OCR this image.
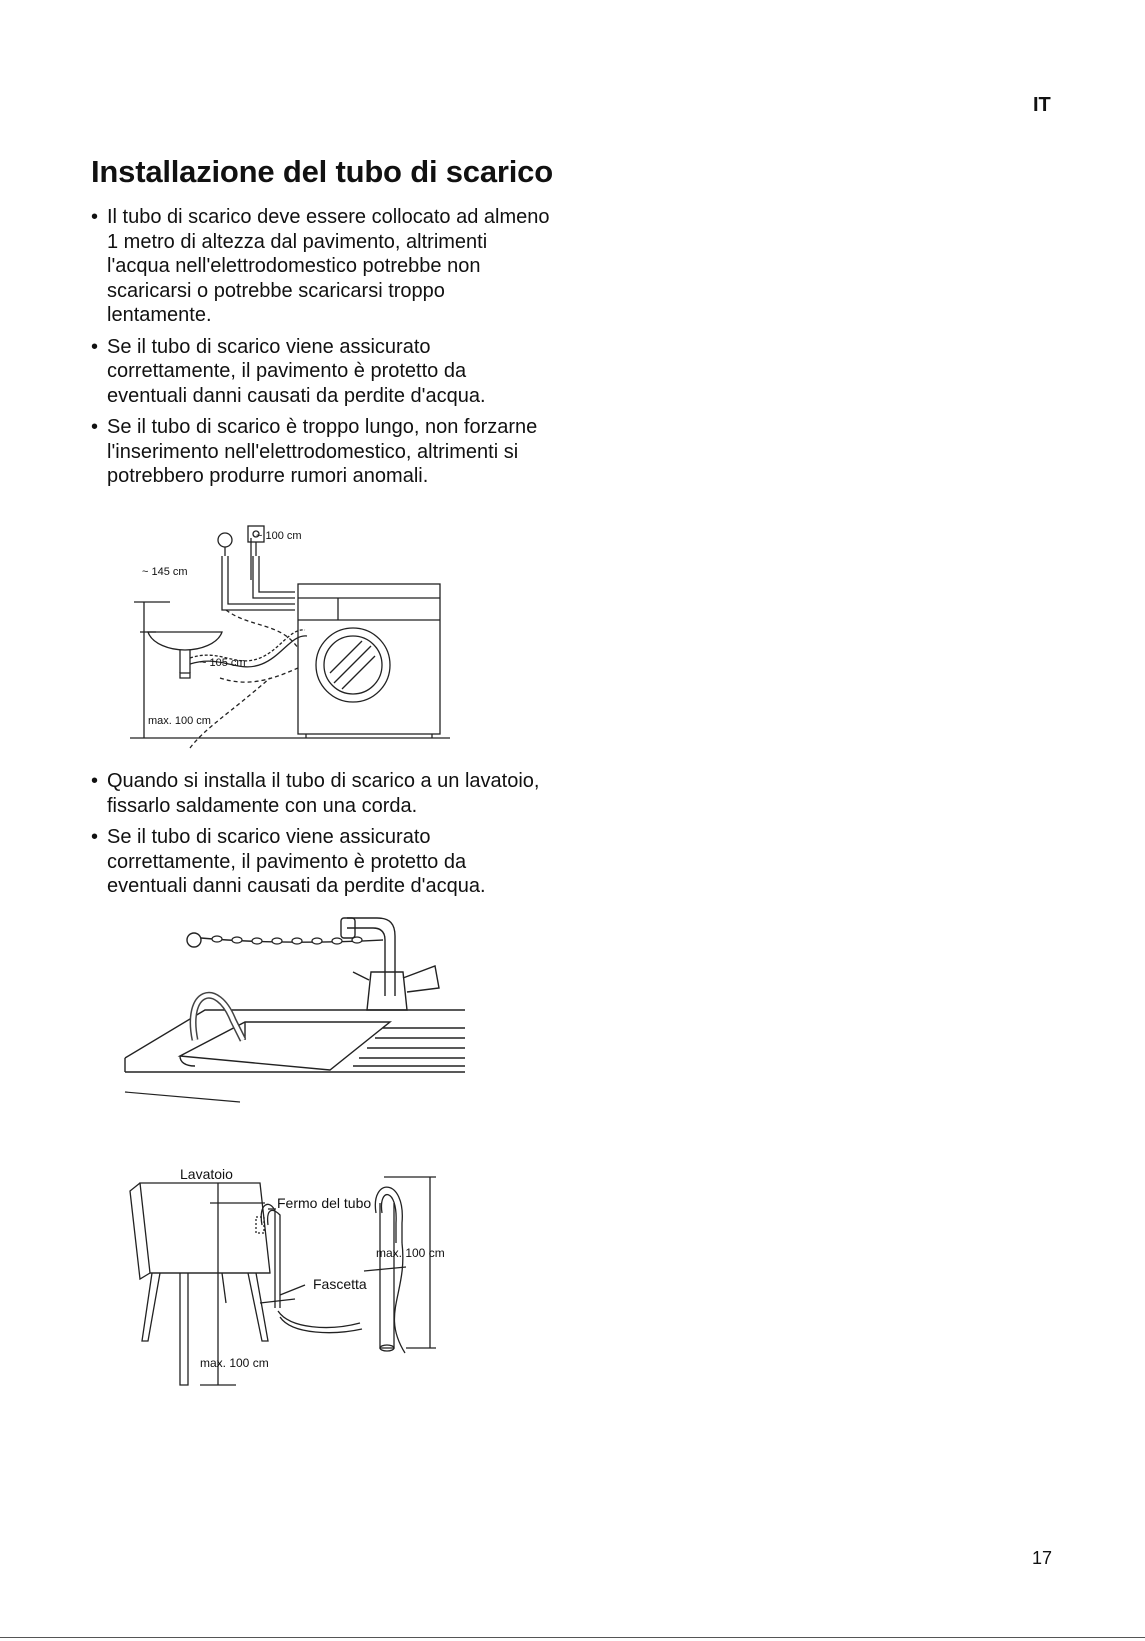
IT
Installazione del tubo di scarico
• Il tubo di scarico deve essere collocato ad almeno 1 metro di altezza dal pavimento, altrimenti l'acqua nell'elettrodomestico potrebbe non scaricarsi o potrebbe scaricarsi troppo lentamente.
• Se il tubo di scarico viene assicurato correttamente, il pavimento è protetto da eventuali danni causati da perdite d'acqua.
• Se il tubo di scarico è troppo lungo, non forzarne l'inserimento nell'elettrodomestico, altrimenti si potrebbero produrre rumori anomali.
~ 100 cm
~ 145 cm
~ 105 cm
max. 100 cm
• Quando si installa il tubo di scarico a un lavatoio, fissarlo saldamente con una corda.
• Se il tubo di scarico viene assicurato correttamente, il pavimento è protetto da eventuali danni causati da perdite d'acqua.
Lavatoio
Fermo del tubo
Fascetta
max. 100 cm
max. 100 cm
17
